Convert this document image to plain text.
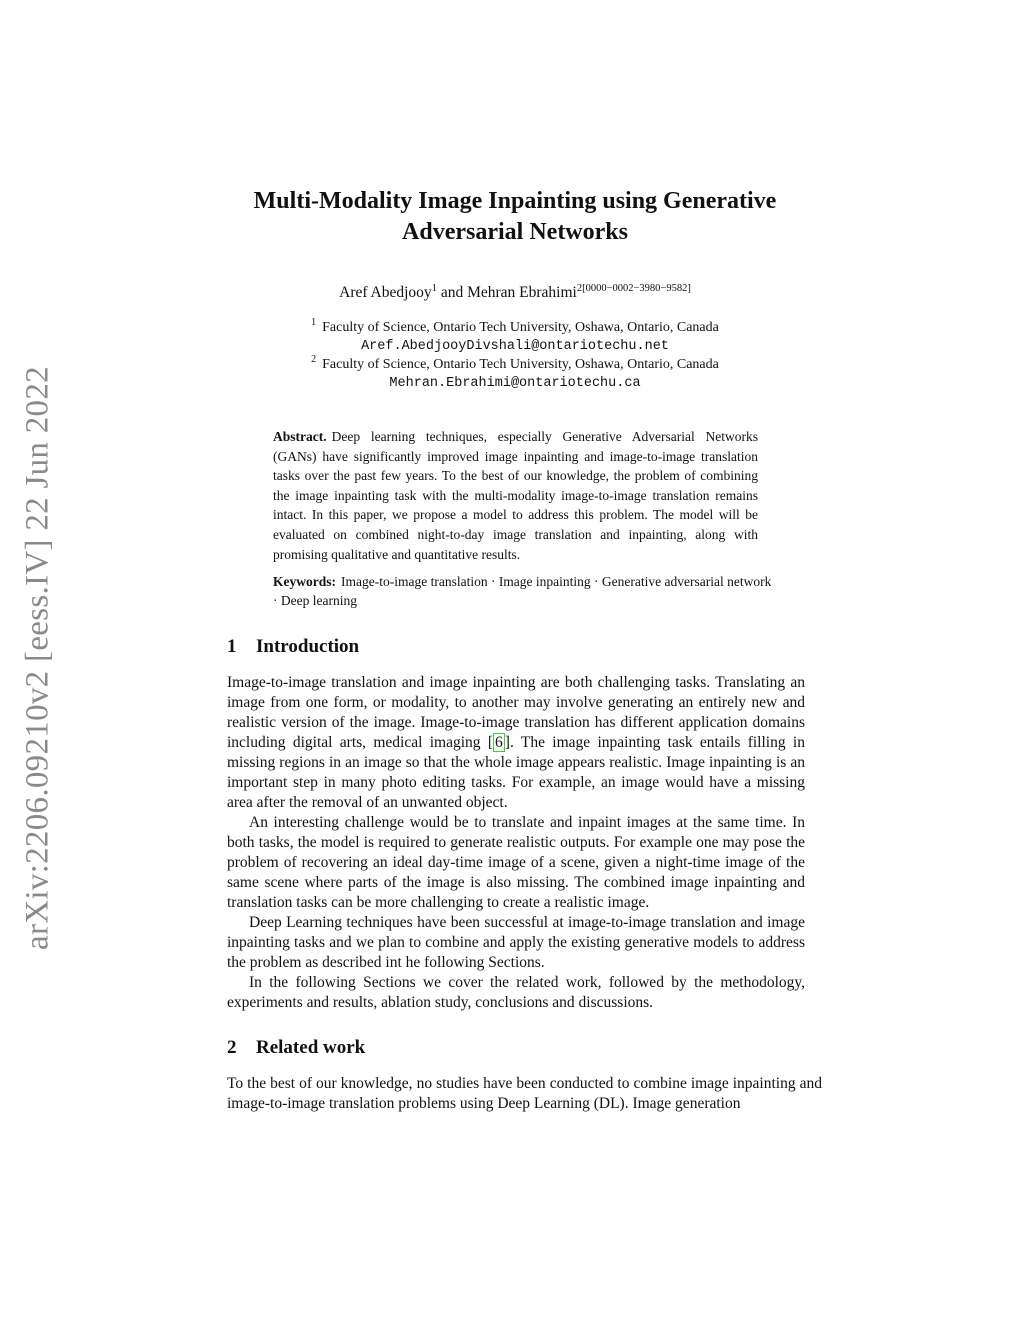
arXiv:2206.09210v2 [eess.IV] 22 Jun 2022
Multi-Modality Image Inpainting using Generative
Adversarial Networks
Aref Abedjooy$^1$ and Mehran Ebrahimi$^{2[0000-0002-3980-9582]}$
$^1$ Faculty of Science, Ontario Tech University, Oshawa, Ontario, Canada
Aref.AbedjooyDivshali@ontariotechu.net
$^2$ Faculty of Science, Ontario Tech University, Oshawa, Ontario, Canada
Mehran.Ebrahimi@ontariotechu.ca
Abstract. Deep learning techniques, especially Generative Adversarial Networks (GANs) have significantly improved image inpainting and image-to-image translation tasks over the past few years. To the best of our knowledge, the problem of combining the image inpainting task with the multi-modality image-to-image translation remains intact. In this paper, we propose a model to address this problem. The model will be evaluated on combined night-to-day image translation and inpainting, along with promising qualitative and quantitative results.
Keywords: Image-to-image translation · Image inpainting · Generative adversarial network · Deep learning
1 Introduction

Image-to-image translation and image inpainting are both challenging tasks. Translating an image from one form, or modality, to another may involve generating an entirely new and realistic version of the image. Image-to-image translation has different application domains including digital arts, medical imaging [ 6 ]. The image inpainting task entails filling in missing regions in an image so that the whole image appears realistic. Image inpainting is an important step in many photo editing tasks. For example, an image would have a missing area after the removal of an unwanted object.

An interesting challenge would be to translate and inpaint images at the same time. In both tasks, the model is required to generate realistic outputs. For example one may pose the problem of recovering an ideal day-time image of a scene, given a night-time image of the same scene where parts of the image is also missing. The combined image inpainting and translation tasks can be more challenging to create a realistic image.

Deep Learning techniques have been successful at image-to-image translation and image inpainting tasks and we plan to combine and apply the existing generative models to address the problem as described int he following Sections.

In the following Sections we cover the related work, followed by the methodology, experiments and results, ablation study, conclusions and discussions.

2 Related work

To the best of our knowledge, no studies have been conducted to combine image inpainting and image-to-image translation problems using Deep Learning (DL). Image generation
